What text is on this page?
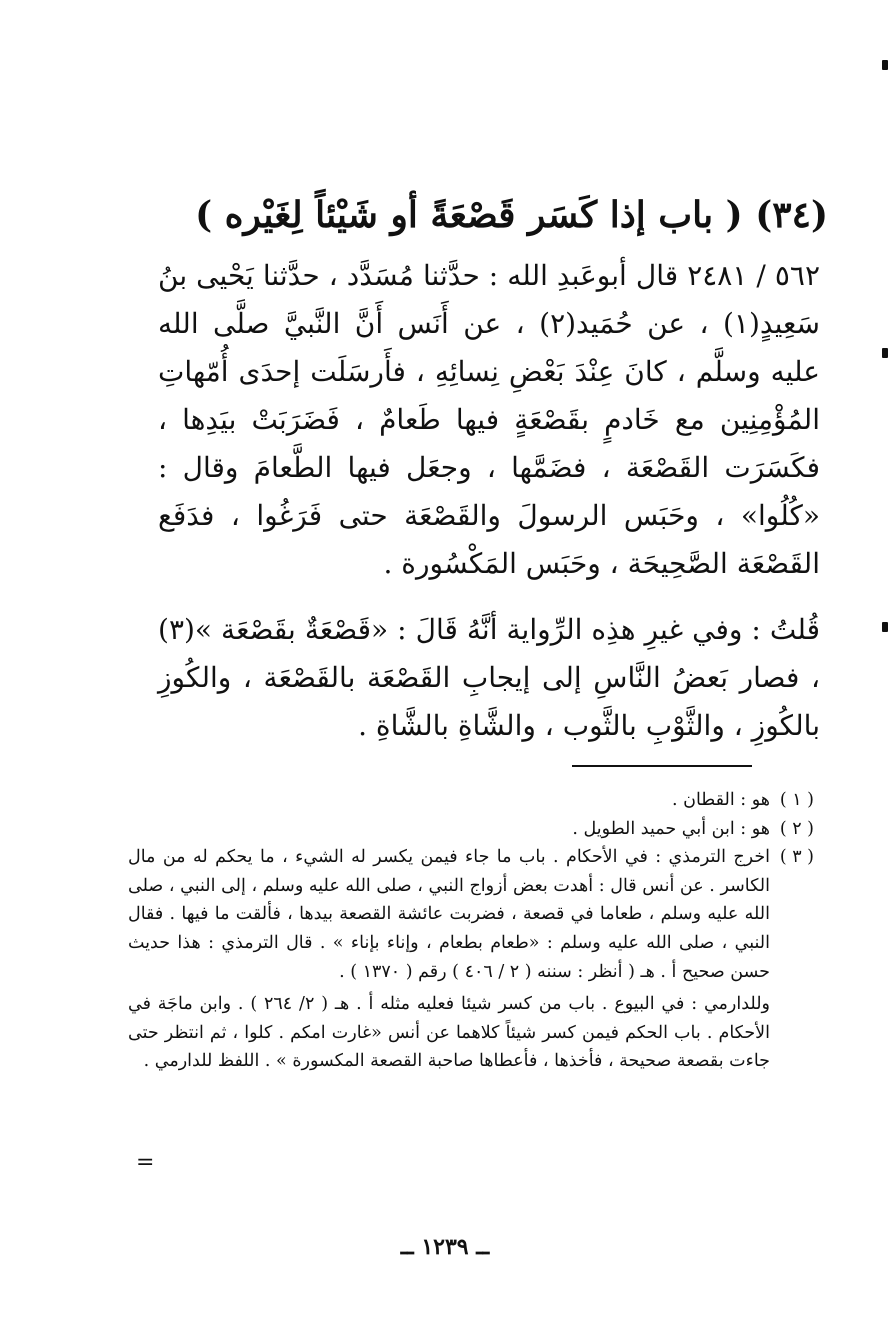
(٣٤) ( باب إذا كَسَر قَصْعَةً أو شَيْئاً لِغَيْره )

٥٦٢ / ٢٤٨١ قال أبوعَبدِ الله : حدَّثنا مُسَدَّد ، حدَّثنا يَحْيى بنُ سَعِيدٍ(١) ، عن حُمَيد(٢) ، عن أَنَس أَنَّ النَّبيَّ صلَّى الله عليه وسلَّم ، كانَ عِنْدَ بَعْضِ نِسائِهِ ، فأَرسَلَت إحدَى أُمّهاتِ المُؤْمِنِين مع خَادمٍ بقَصْعَةٍ فيها طَعامٌ ، فَضَرَبَتْ بيَدِها ، فكَسَرَت القَصْعَة ، فضَمَّها ، وجعَل فيها الطَّعامَ وقال : «كُلُوا» ، وحَبَس الرسولَ والقَصْعَة حتى فَرَغُوا ، فدَفَع القَصْعَة الصَّحِيحَة ، وحَبَس المَكْسُورة .

قُلتُ : وفي غيرِ هذِه الرِّواية أنَّهُ قَالَ : «قَصْعَةٌ بقَصْعَة »(٣) ، فصار بَعضُ النَّاسِ إلى إيجابِ القَصْعَة بالقَصْعَة ، والكُوزِ بالكُوزِ ، والثَّوْبِ بالثَّوب ، والشَّاةِ بالشَّاةِ .

( ١ )

هو : القطان .

( ٢ )

هو : ابن أبي حميد الطويل .

( ٣ )

اخرج الترمذي : في الأحكام . باب ما جاء فيمن يكسر له الشيء ، ما يحكم له من مال الكاسر . عن أنس قال : أهدت بعض أزواج النبي ، صلى الله عليه وسلم ، إلى النبي ، صلى الله عليه وسلم ، طعاما في قصعة ، فضربت عائشة القصعة بيدها ، فألقت ما فيها . فقال النبي ، صلى الله عليه وسلم : «طعام بطعام ، وإناء بإناء » . قال الترمذي : هذا حديث حسن صحيح أ . هـ ( أنظر : سننه ( ٢ / ٤٠٦ ) رقم ( ١٣٧٠ ) .

وللدارمي : في البيوع . باب من كسر شيئا فعليه مثله أ . هـ ( ٢/ ٢٦٤ ) . وابن ماجَة في الأحكام . باب الحكم فيمن كسر شيئاً كلاهما عن أنس «غارت امكم . كلوا ، ثم انتظر حتى جاءت بقصعة صحيحة ، فأخذها ، فأعطاها صاحبة القصعة المكسورة » . اللفظ للدارمي .

=
ــ ١٢٣٩ ــ
